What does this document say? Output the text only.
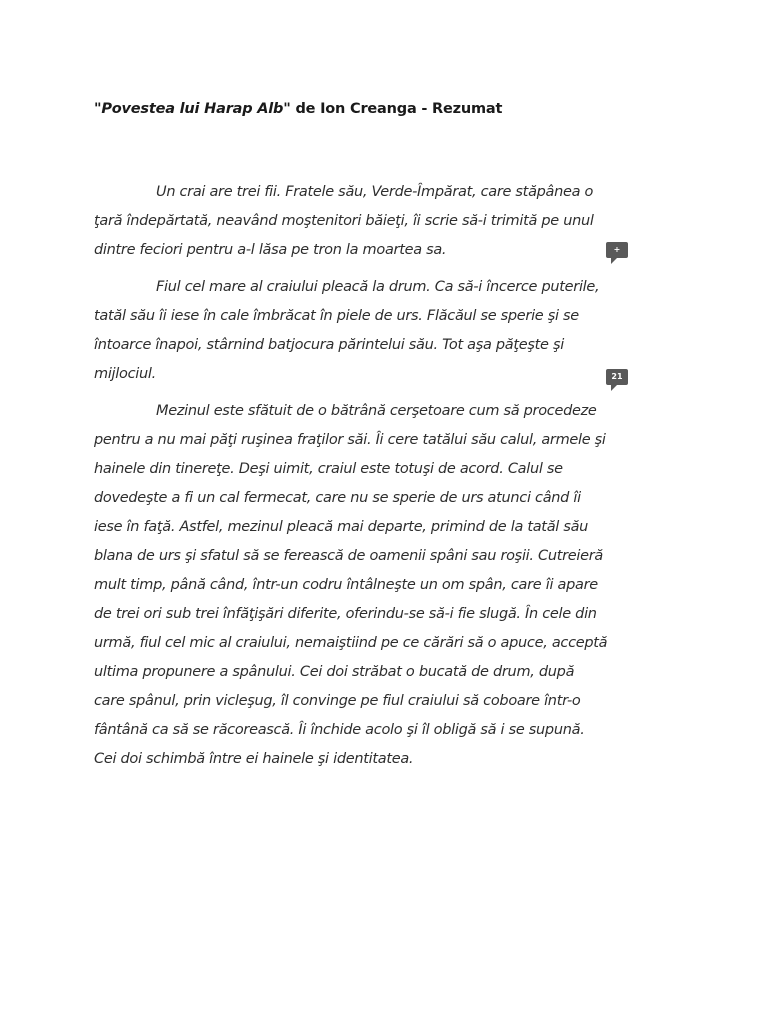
"Povestea lui Harap Alb" de Ion Creanga - Rezumat

Un crai are trei fii. Fratele său, Verde-Împărat, care stăpânea o ţară îndepărtată, neavând moştenitori băieţi, îi scrie să-i trimită pe unul dintre feciori pentru a-l lăsa pe tron la moartea sa.

Fiul cel mare al craiului pleacă la drum. Ca să-i încerce puterile, tatăl său îi iese în cale îmbrăcat în piele de urs. Flăcăul se sperie şi se întoarce înapoi, stârnind batjocura părintelui său. Tot aşa păţeşte şi mijlociul.

Mezinul este sfătuit de o bătrână cerşetoare cum să procedeze pentru a nu mai păţi ruşinea fraţilor săi. Îi cere tatălui său calul, armele şi hainele din tinereţe. Deşi uimit, craiul este totuşi de acord. Calul se dovedeşte a fi un cal fermecat, care nu se sperie de urs atunci când îi iese în faţă. Astfel, mezinul pleacă mai departe, primind de la tatăl său blana de urs şi sfatul să se ferească de oamenii spâni sau roşii. Cutreieră mult timp, până când, într-un codru întâlneşte un om spân, care îi apare de trei ori sub trei înfăţişări diferite, oferindu-se să-i fie slugă. În cele din urmă, fiul cel mic al craiului, nemaiştiind pe ce cărări să o apuce, acceptă ultima propunere a spânului. Cei doi străbat o bucată de drum, după care spânul, prin vicleşug, îl convinge pe fiul craiului să coboare într-o fântână ca să se răcorească. Îi închide acolo şi îl obligă să i se supună. Cei doi schimbă între ei hainele şi identitatea.

+
21
